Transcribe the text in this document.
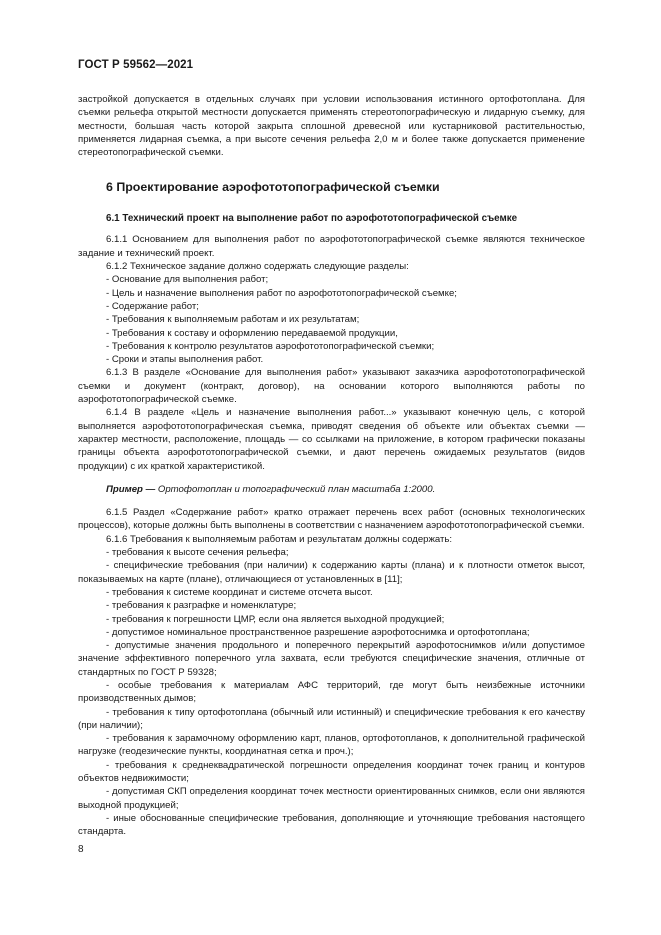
ГОСТ Р 59562—2021

застройкой допускается в отдельных случаях при условии использования истинного ортофотоплана. Для съемки рельефа открытой местности допускается применять стереотопографическую и лидарную съемку, для местности, большая часть которой закрыта сплошной древесной или кустарниковой растительностью, применяется лидарная съемка, а при высоте сечения рельефа 2,0 м и более также допускается применение стереотопографической съемки.

6 Проектирование аэрофототопографической съемки
6.1 Технический проект на выполнение работ по аэрофототопографической съемке

6.1.1 Основанием для выполнения работ по аэрофототопографической съемке являются техническое задание и технический проект.

6.1.2 Техническое задание должно содержать следующие разделы:

- Основание для выполнения работ;

- Цель и назначение выполнения работ по аэрофототопографической съемке;

- Содержание работ;

- Требования к выполняемым работам и их результатам;

- Требования к составу и оформлению передаваемой продукции,

- Требования к контролю результатов аэрофототопографической съемки;

- Сроки и этапы выполнения работ.

6.1.3 В разделе «Основание для выполнения работ» указывают заказчика аэрофототопографической съемки и документ (контракт, договор), на основании которого выполняются работы по аэрофототопографической съемке.

6.1.4 В разделе «Цель и назначение выполнения работ...» указывают конечную цель, с которой выполняется аэрофототопографическая съемка, приводят сведения об объекте или объектах съемки — характер местности, расположение, площадь — со ссылками на приложение, в котором графически показаны границы объекта аэрофототопографической съемки, и дают перечень ожидаемых результатов (видов продукции) с их краткой характеристикой.

Пример — Ортофотоплан и топографический план масштаба 1:2000.

6.1.5 Раздел «Содержание работ» кратко отражает перечень всех работ (основных технологических процессов), которые должны быть выполнены в соответствии с назначением аэрофототопографической съемки.

6.1.6 Требования к выполняемым работам и результатам должны содержать:

- требования к высоте сечения рельефа;

- специфические требования (при наличии) к содержанию карты (плана) и к плотности отметок высот, показываемых на карте (плане), отличающиеся от установленных в [11];

- требования к системе координат и системе отсчета высот.

- требования к разграфке и номенклатуре;

- требования к погрешности ЦМР, если она является выходной продукцией;

- допустимое номинальное пространственное разрешение аэрофотоснимка и ортофотоплана;

- допустимые значения продольного и поперечного перекрытий аэрофотоснимков и/или допустимое значение эффективного поперечного угла захвата, если требуются специфические значения, отличные от стандартных по ГОСТ Р 59328;

- особые требования к материалам АФС территорий, где могут быть неизбежные источники производственных дымов;

- требования к типу ортофотоплана (обычный или истинный) и специфические требования к его качеству (при наличии);

- требования к зарамочному оформлению карт, планов, ортофотопланов, к дополнительной графической нагрузке (геодезические пункты, координатная сетка и проч.);

- требования к среднеквадратической погрешности определения координат точек границ и контуров объектов недвижимости;

- допустимая СКП определения координат точек местности ориентированных снимков, если они являются выходной продукцией;

- иные обоснованные специфические требования, дополняющие и уточняющие требования настоящего стандарта.

8
